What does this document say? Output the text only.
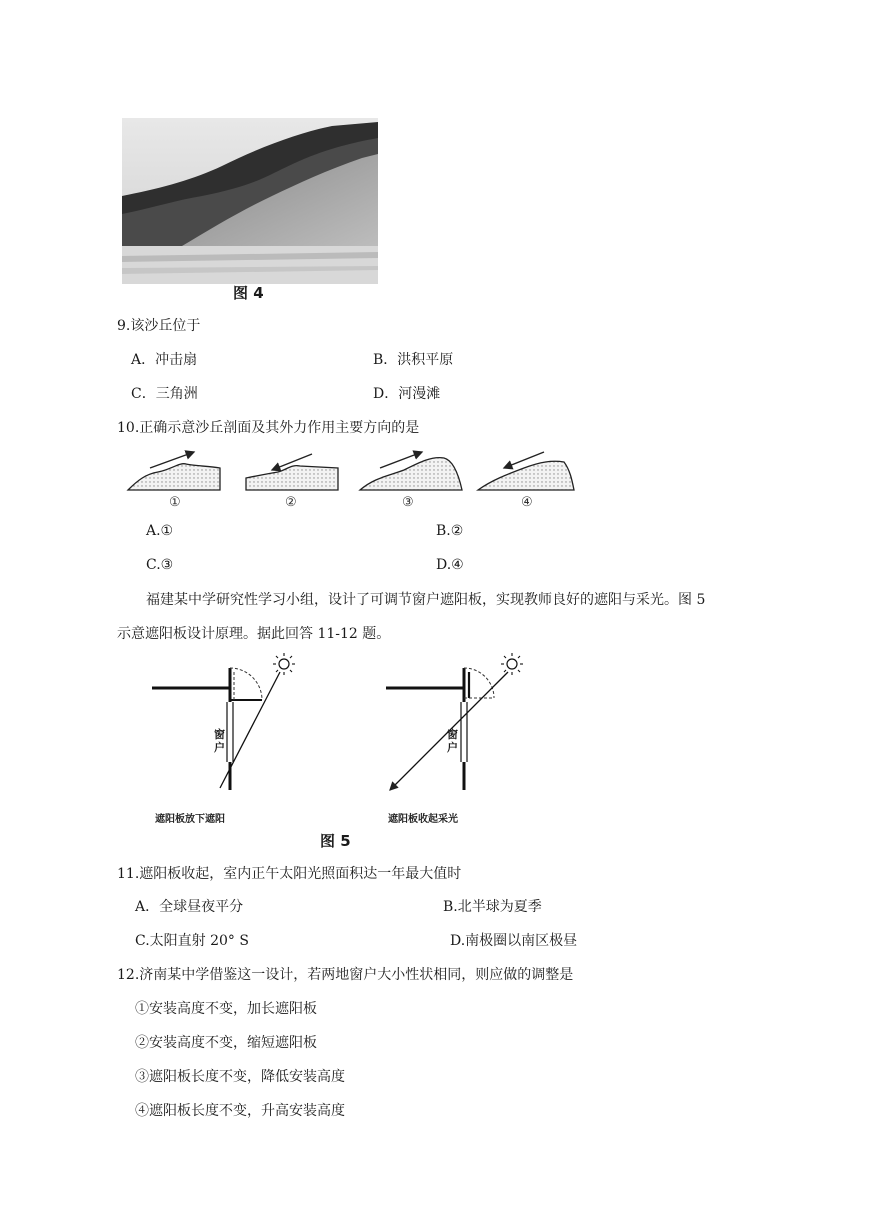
图 4
9.该沙丘位于
A．冲击扇	B．洪积平原
C．三角洲	D．河漫滩
10.正确示意沙丘剖面及其外力作用主要方向的是
①	②	③	④
A.①	B.②
C.③	D.④
福建某中学研究性学习小组，设计了可调节窗户遮阳板，实现教师良好的遮阳与采光。图 5
示意遮阳板设计原理。据此回答 11-12 题。
窗户
窗户
遮阳板放下遮阳	遮阳板收起采光
图 5
11.遮阳板收起，室内正午太阳光照面积达一年最大值时
A．全球昼夜平分	B.北半球为夏季
C.太阳直射 20° S	D.南极圈以南区极昼
12.济南某中学借鉴这一设计，若两地窗户大小性状相同，则应做的调整是
①安装高度不变，加长遮阳板
②安装高度不变，缩短遮阳板
③遮阳板长度不变，降低安装高度
④遮阳板长度不变，升高安装高度
